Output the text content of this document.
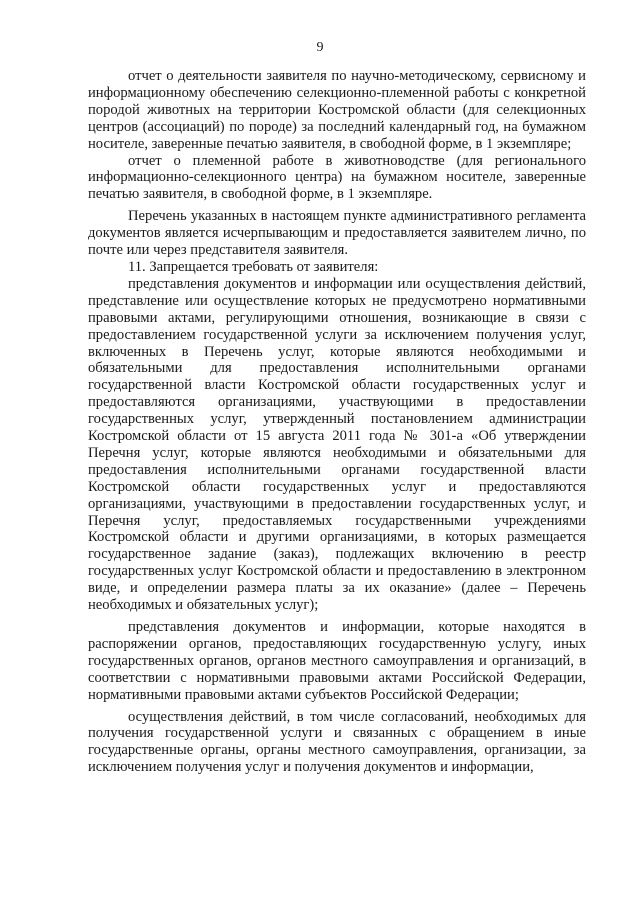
9

отчет о деятельности заявителя по научно-методическому, сервисному и информационному обеспечению селекционно-племенной работы с конкретной породой животных на территории Костромской области (для селекционных центров (ассоциаций) по породе) за последний календарный год, на бумажном носителе, заверенные печатью заявителя, в свободной форме, в 1 экземпляре;

отчет о племенной работе в животноводстве (для регионального информационно-селекционного центра) на бумажном носителе, заверенные печатью заявителя, в свободной форме, в 1 экземпляре.

Перечень указанных в настоящем пункте административного регламента документов является исчерпывающим и предоставляется заявителем лично, по почте или через представителя заявителя.

11. Запрещается требовать от заявителя:

представления документов и информации или осуществления действий, представление или осуществление которых не предусмотрено нормативными правовыми актами, регулирующими отношения, возникающие в связи с предоставлением государственной услуги за исключением получения услуг, включенных в Перечень услуг, которые являются необходимыми и обязательными для предоставления исполнительными органами государственной власти Костромской области государственных услуг и предоставляются организациями, участвующими в предоставлении государственных услуг, утвержденный постановлением администрации Костромской области от 15 августа 2011 года № 301-а «Об утверждении Перечня услуг, которые являются необходимыми и обязательными для предоставления исполнительными органами государственной власти Костромской области государственных услуг и предоставляются организациями, участвующими в предоставлении государственных услуг, и Перечня услуг, предоставляемых государственными учреждениями Костромской области и другими организациями, в которых размещается государственное задание (заказ), подлежащих включению в реестр государственных услуг Костромской области и предоставлению в электронном виде, и определении размера платы за их оказание» (далее – Перечень необходимых и обязательных услуг);

представления документов и информации, которые находятся в распоряжении органов, предоставляющих государственную услугу, иных государственных органов, органов местного самоуправления и организаций, в соответствии с нормативными правовыми актами Российской Федерации, нормативными правовыми актами субъектов Российской Федерации;

осуществления действий, в том числе согласований, необходимых для получения государственной услуги и связанных с обращением в иные государственные органы, органы местного самоуправления, организации, за исключением получения услуг и получения документов и информации,
